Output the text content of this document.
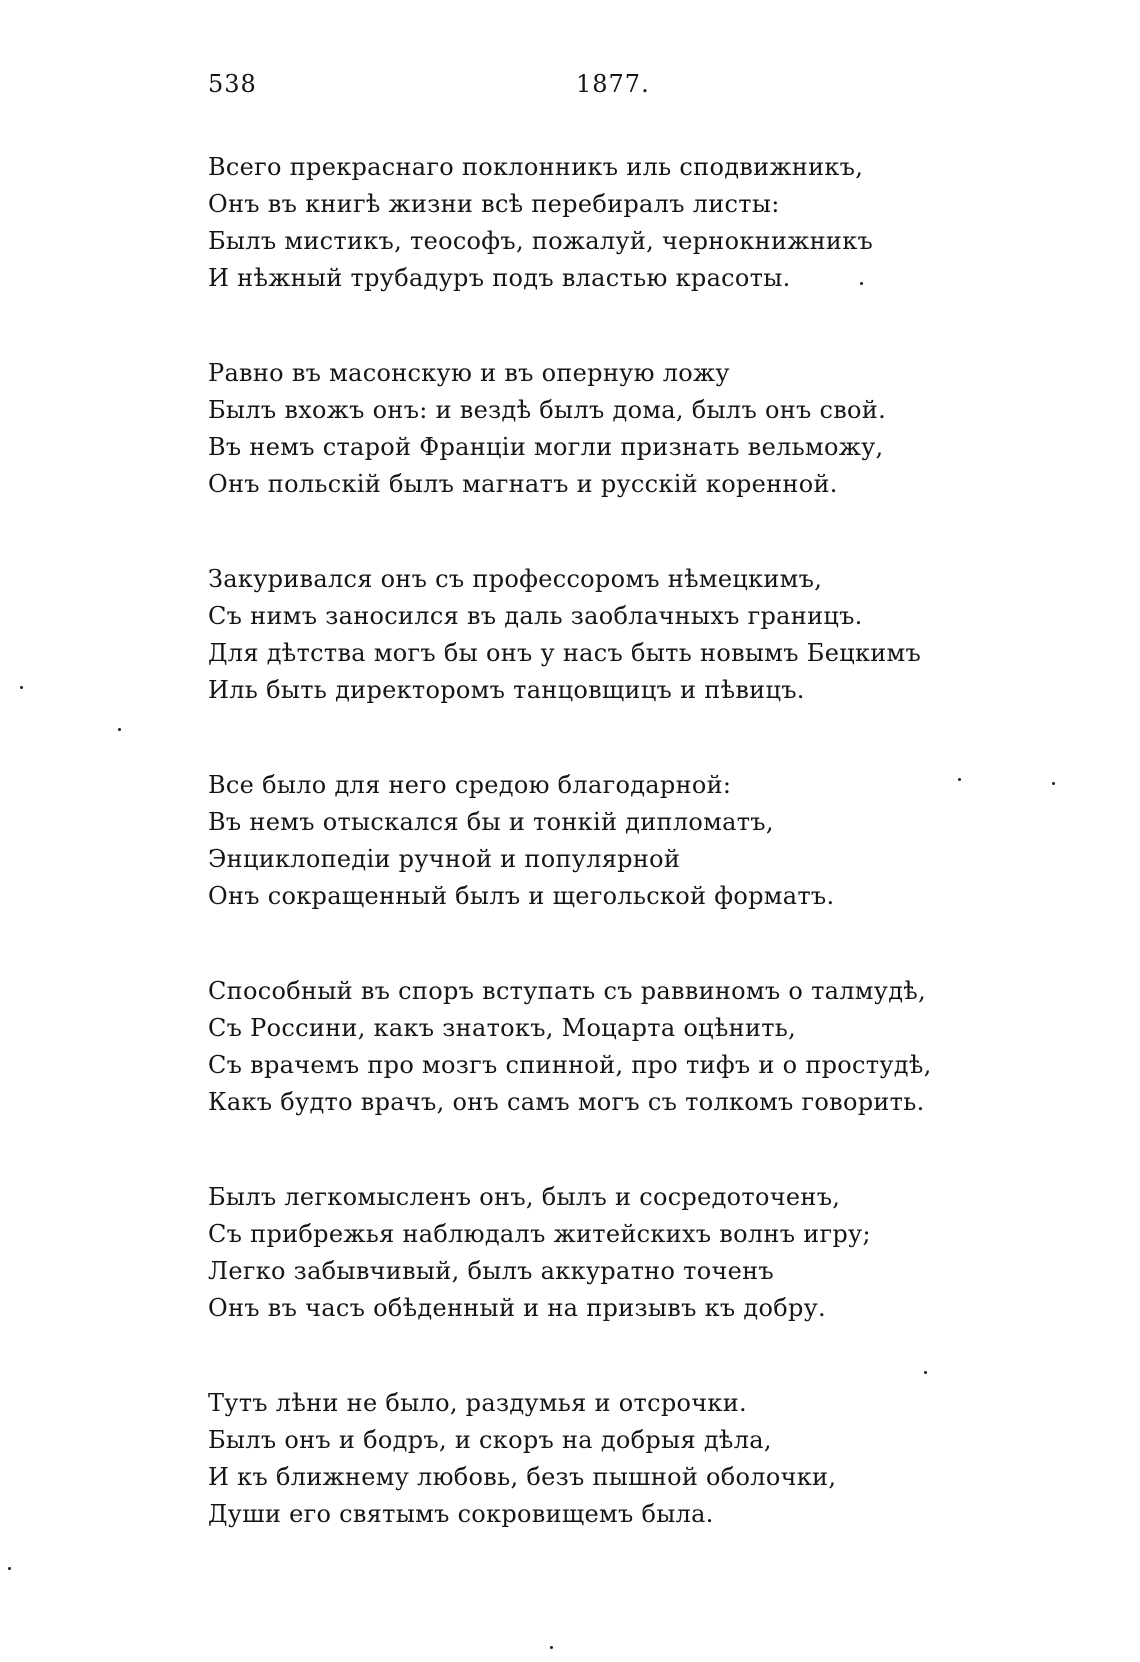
538	1877.
Всего прекраснаго поклонникъ иль сподвижникъ,
Онъ въ книгѣ жизни всѣ перебиралъ листы:
Былъ мистикъ, теософъ, пожалуй, чернокнижникъ
И нѣжный трубадуръ подъ властью красоты.
Равно въ масонскую и въ оперную ложу
Былъ вхожъ онъ: и вездѣ былъ дома, былъ онъ свой.
Въ немъ старой Франціи могли признать вельможу,
Онъ польскій былъ магнатъ и русскій коренной.
Закуривался онъ съ профессоромъ нѣмецкимъ,
Съ нимъ заносился въ даль заоблачныхъ границъ.
Для дѣтства могъ бы онъ у насъ быть новымъ Бецкимъ
Иль быть директоромъ танцовщицъ и пѣвицъ.
Все было для него средою благодарной:
Въ немъ отыскался бы и тонкій дипломатъ,
Энциклопедіи ручной и популярной
Онъ сокращенный былъ и щегольской форматъ.
Способный въ споръ вступать съ раввиномъ о талмудѣ,
Съ Россини, какъ знатокъ, Моцарта оцѣнить,
Съ врачемъ про мозгъ спинной, про тифъ и о простудѣ,
Какъ будто врачъ, онъ самъ могъ съ толкомъ говорить.
Былъ легкомысленъ онъ, былъ и сосредоточенъ,
Съ прибрежья наблюдалъ житейскихъ волнъ игру;
Легко забывчивый, былъ аккуратно точенъ
Онъ въ часъ обѣденный и на призывъ къ добру.
Тутъ лѣни не было, раздумья и отсрочки.
Былъ онъ и бодръ, и скоръ на добрыя дѣла,
И къ ближнему любовь, безъ пышной оболочки,
Души его святымъ сокровищемъ была.
